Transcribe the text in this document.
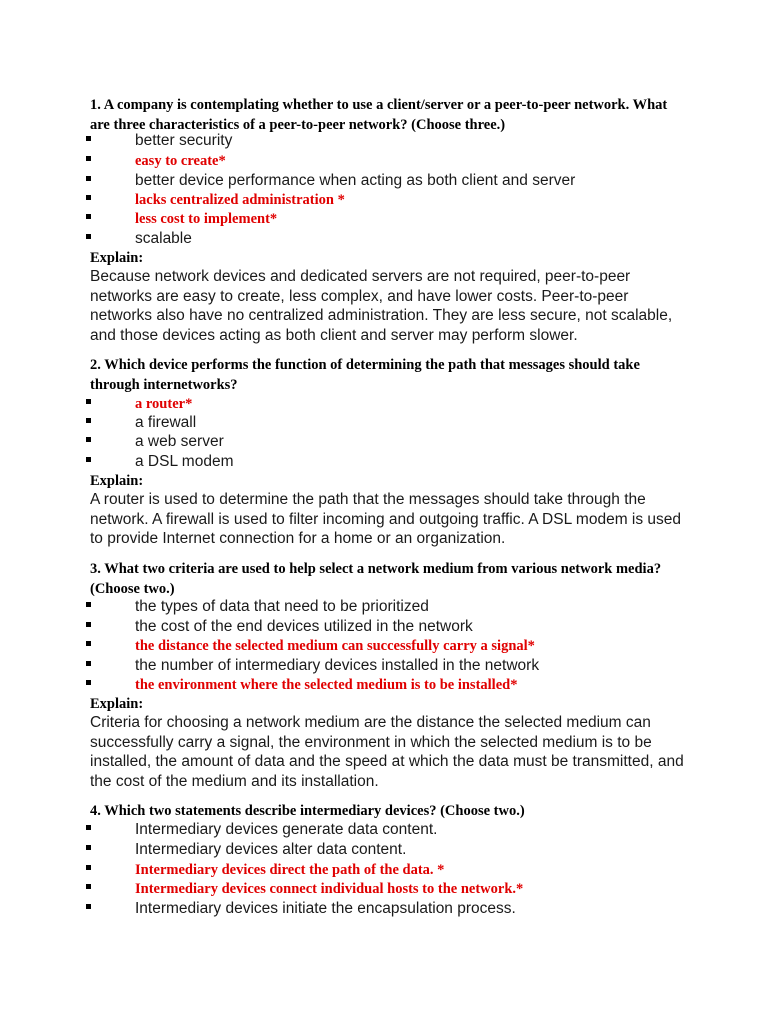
1. A company is contemplating whether to use a client/server or a peer-to-peer network. What are three characteristics of a peer-to-peer network? (Choose three.)

better security
easy to create*
better device performance when acting as both client and server
lacks centralized administration *
less cost to implement*
scalable

Explain:

Because network devices and dedicated servers are not required, peer-to-peer networks are easy to create, less complex, and have lower costs. Peer-to-peer networks also have no centralized administration. They are less secure, not scalable, and those devices acting as both client and server may perform slower.

2. Which device performs the function of determining the path that messages should take through internetworks?

a router*
a firewall
a web server
a DSL modem

Explain:

A router is used to determine the path that the messages should take through the network. A firewall is used to filter incoming and outgoing traffic. A DSL modem is used to provide Internet connection for a home or an organization.

3. What two criteria are used to help select a network medium from various network media? (Choose two.)

the types of data that need to be prioritized
the cost of the end devices utilized in the network
the distance the selected medium can successfully carry a signal*
the number of intermediary devices installed in the network
the environment where the selected medium is to be installed*

Explain:

Criteria for choosing a network medium are the distance the selected medium can successfully carry a signal, the environment in which the selected medium is to be installed, the amount of data and the speed at which the data must be transmitted, and the cost of the medium and its installation.

4. Which two statements describe intermediary devices? (Choose two.)

Intermediary devices generate data content.
Intermediary devices alter data content.
Intermediary devices direct the path of the data. *
Intermediary devices connect individual hosts to the network.*
Intermediary devices initiate the encapsulation process.
